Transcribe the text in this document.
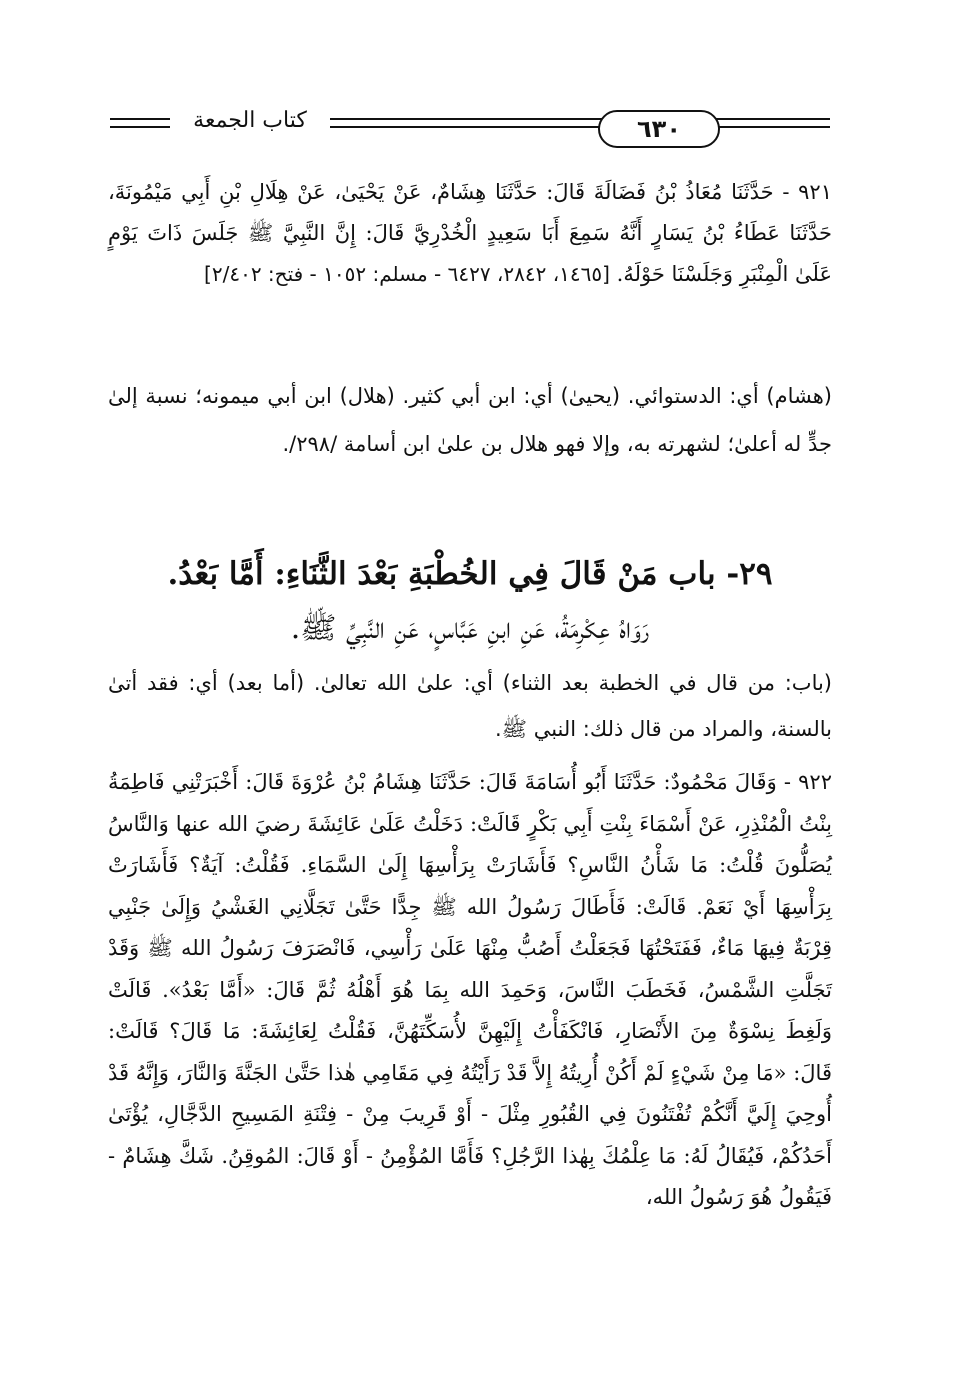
كتاب الجمعة	٦٣٠
٩٢١ - حَدَّثَنَا مُعَاذُ بْنُ فَضَالَةَ قَالَ: حَدَّثَنَا هِشَامٌ، عَنْ يَحْيَىٰ، عَنْ هِلَالِ بْنِ أَبِي مَيْمُونَةَ، حَدَّثَنَا عَطَاءُ بْنُ يَسَارٍ أَنَّهُ سَمِعَ أَبَا سَعِيدٍ الْخُدْرِيَّ قَالَ: إِنَّ النَّبِيَّ ﷺ جَلَسَ ذَاتَ يَوْمٍ عَلَىٰ الْمِنْبَرِ وَجَلَسْنَا حَوْلَهُ. [١٤٦٥، ٢٨٤٢، ٦٤٢٧ - مسلم: ١٠٥٢ - فتح: ٢/٤٠٢]
(هشام) أي: الدستوائي. (يحيىٰ) أي: ابن أبي كثير. (هلال) ابن أبي ميمونه؛ نسبة إلىٰ جدٍّ له أعلىٰ؛ لشهرته به، وإلا فهو هلال بن علىٰ ابن أسامة /٢٩٨/.
٢٩- باب مَنْ قَالَ فِي الخُطْبَةِ بَعْدَ الثَّنَاءِ: أَمَّا بَعْدُ.
رَوَاهُ عِكْرِمَةُ، عَنِ ابنِ عَبَّاسٍ، عَنِ النَّبِيِّ ﷺ.
(باب: من قال في الخطبة بعد الثناء) أي: علىٰ الله تعالىٰ. (أما بعد) أي: فقد أتىٰ بالسنة، والمراد من قال ذلك: النبي ﷺ.
٩٢٢ - وَقَالَ مَحْمُودٌ: حَدَّثَنَا أَبُو أُسَامَةَ قَالَ: حَدَّثَنَا هِشَامُ بْنُ عُرْوَةَ قَالَ: أَخْبَرَتْنِي فَاطِمَةُ بِنْتُ الْمُنْذِرِ، عَنْ أَسْمَاءَ بِنْتِ أَبِي بَكْرٍ قَالَتْ: دَخَلْتُ عَلَىٰ عَائِشَةَ رضيَ الله عنها وَالنَّاسُ يُصَلُّونَ قُلْتُ: مَا شَأْنُ النَّاسِ؟ فَأَشَارَتْ بِرَأْسِهَا إِلَىٰ السَّمَاءِ. فَقُلْتُ: آيَةٌ؟ فَأَشَارَتْ بِرَأْسِهَا أَيْ نَعَمْ. قَالَتْ: فَأَطَالَ رَسُولُ الله ﷺ جِدًّا حَتَّىٰ تَجَلَّانِي الغَشْيُ وَإِلَىٰ جَنْبِي قِرْبَةٌ فِيهَا مَاءٌ، فَفَتَحْتُهَا فَجَعَلْتُ أَصُبُّ مِنْهَا عَلَىٰ رَأْسِي، فَانْصَرَفَ رَسُولُ الله ﷺ وَقَدْ تَجَلَّتِ الشَّمْسُ، فَخَطَبَ النَّاسَ، وَحَمِدَ الله بِمَا هُوَ أَهْلُهُ ثُمَّ قَالَ: «أَمَّا بَعْدُ». قَالَتْ وَلَغِطَ نِسْوَةٌ مِنَ الأَنْصَارِ، فَانْكَفَأْتُ إِلَيْهِنَّ لأُسَكِّتَهُنَّ، فَقُلْتُ لِعَائِشَةَ: مَا قَالَ؟ قَالَتْ: قَالَ: «مَا مِنْ شَيْءٍ لَمْ أَكُنْ أُرِيتُهُ إِلاَّ قَدْ رَأَيْتُهُ فِي مَقَامِي هٰذا حَتَّىٰ الجَنَّةَ وَالنَّارَ، وَإِنَّهُ قَدْ أُوحِيَ إِلَيَّ أَنَّكُمْ تُفْتَنُونَ فِي القُبُورِ مِثْلَ - أَوْ قَرِيبَ مِنْ - فِتْنَةِ المَسِيحِ الدَّجَّالِ، يُؤْتَىٰ أَحَدُكُمْ، فَيُقَالُ لَهُ: مَا عِلْمُكَ بِهٰذا الرَّجُلِ؟ فَأَمَّا المُؤْمِنُ - أَوْ قَالَ: المُوقِنُ. شَكَّ هِشَامٌ - فَيَقُولُ هُوَ رَسُولُ الله،
